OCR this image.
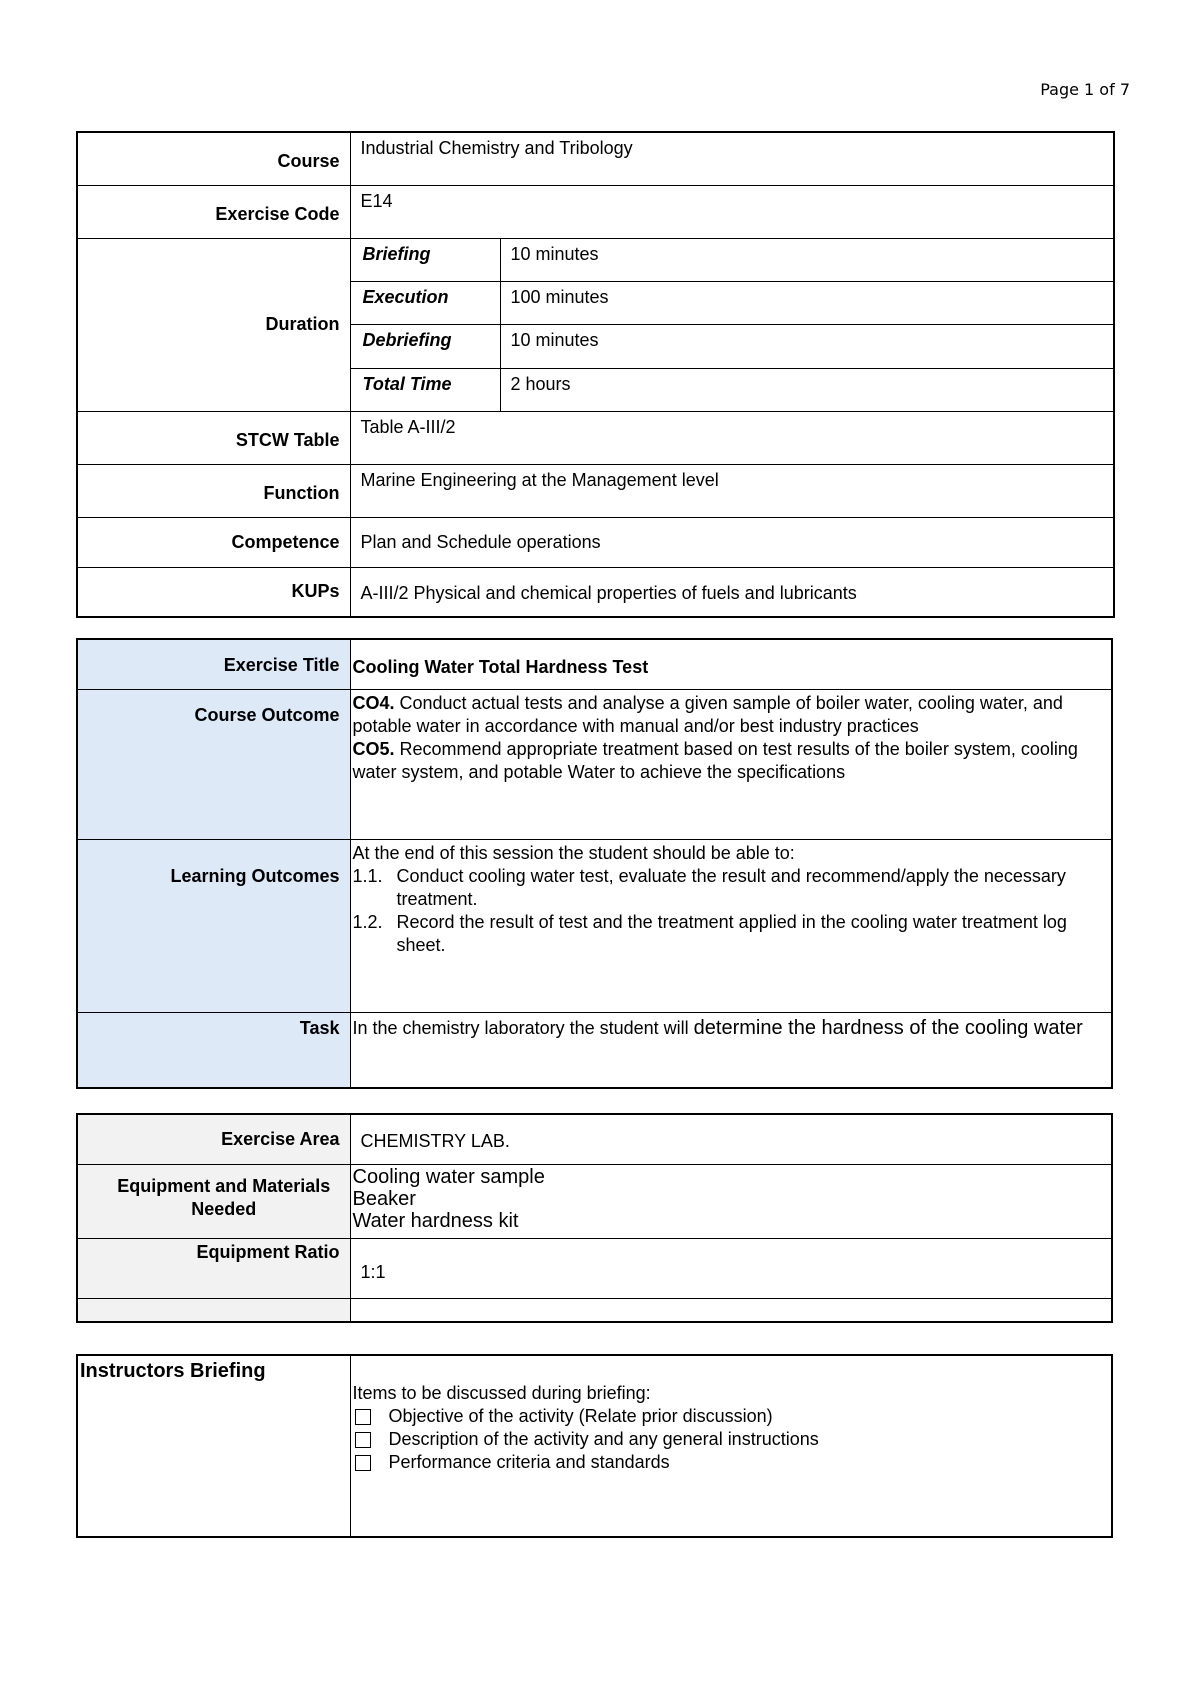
Page 1 of 7
Course	Industrial Chemistry and Tribology	
Exercise Code	E14	
Duration	Briefing	10 minutes
	Execution	100 minutes
	Debriefing	10 minutes
	Total Time	2 hours
STCW Table	Table A-III/2	
Function	Marine Engineering at the Management level	
Competence	Plan and Schedule operations	
KUPs	A-III/2 Physical and chemical properties of fuels and lubricants	
Exercise Title	Cooling Water Total Hardness Test
Course Outcome	CO4. Conduct actual tests and analyse a given sample of boiler water, cooling water, and potable water in accordance with manual and/or best industry practices
CO5. Recommend appropriate treatment based on test results of the boiler system, cooling water system, and potable Water to achieve the specifications

Learning Outcomes	At the end of this session the student should be able to:
1.1. Conduct cooling water test, evaluate the result and recommend/apply the necessary treatment.
1.2. Record the result of test and the treatment applied in the cooling water treatment log sheet.

Task	In the chemistry laboratory the student will determine the hardness of the cooling water
Exercise Area	CHEMISTRY LAB.
Equipment and Materials Needed	Cooling water sample
Beaker
Water hardness kit

Equipment Ratio	1:1

Instructors Briefing	
Items to be discussed during briefing:
Objective of the activity (Relate prior discussion)
Description of the activity and any general instructions
Performance criteria and standards
